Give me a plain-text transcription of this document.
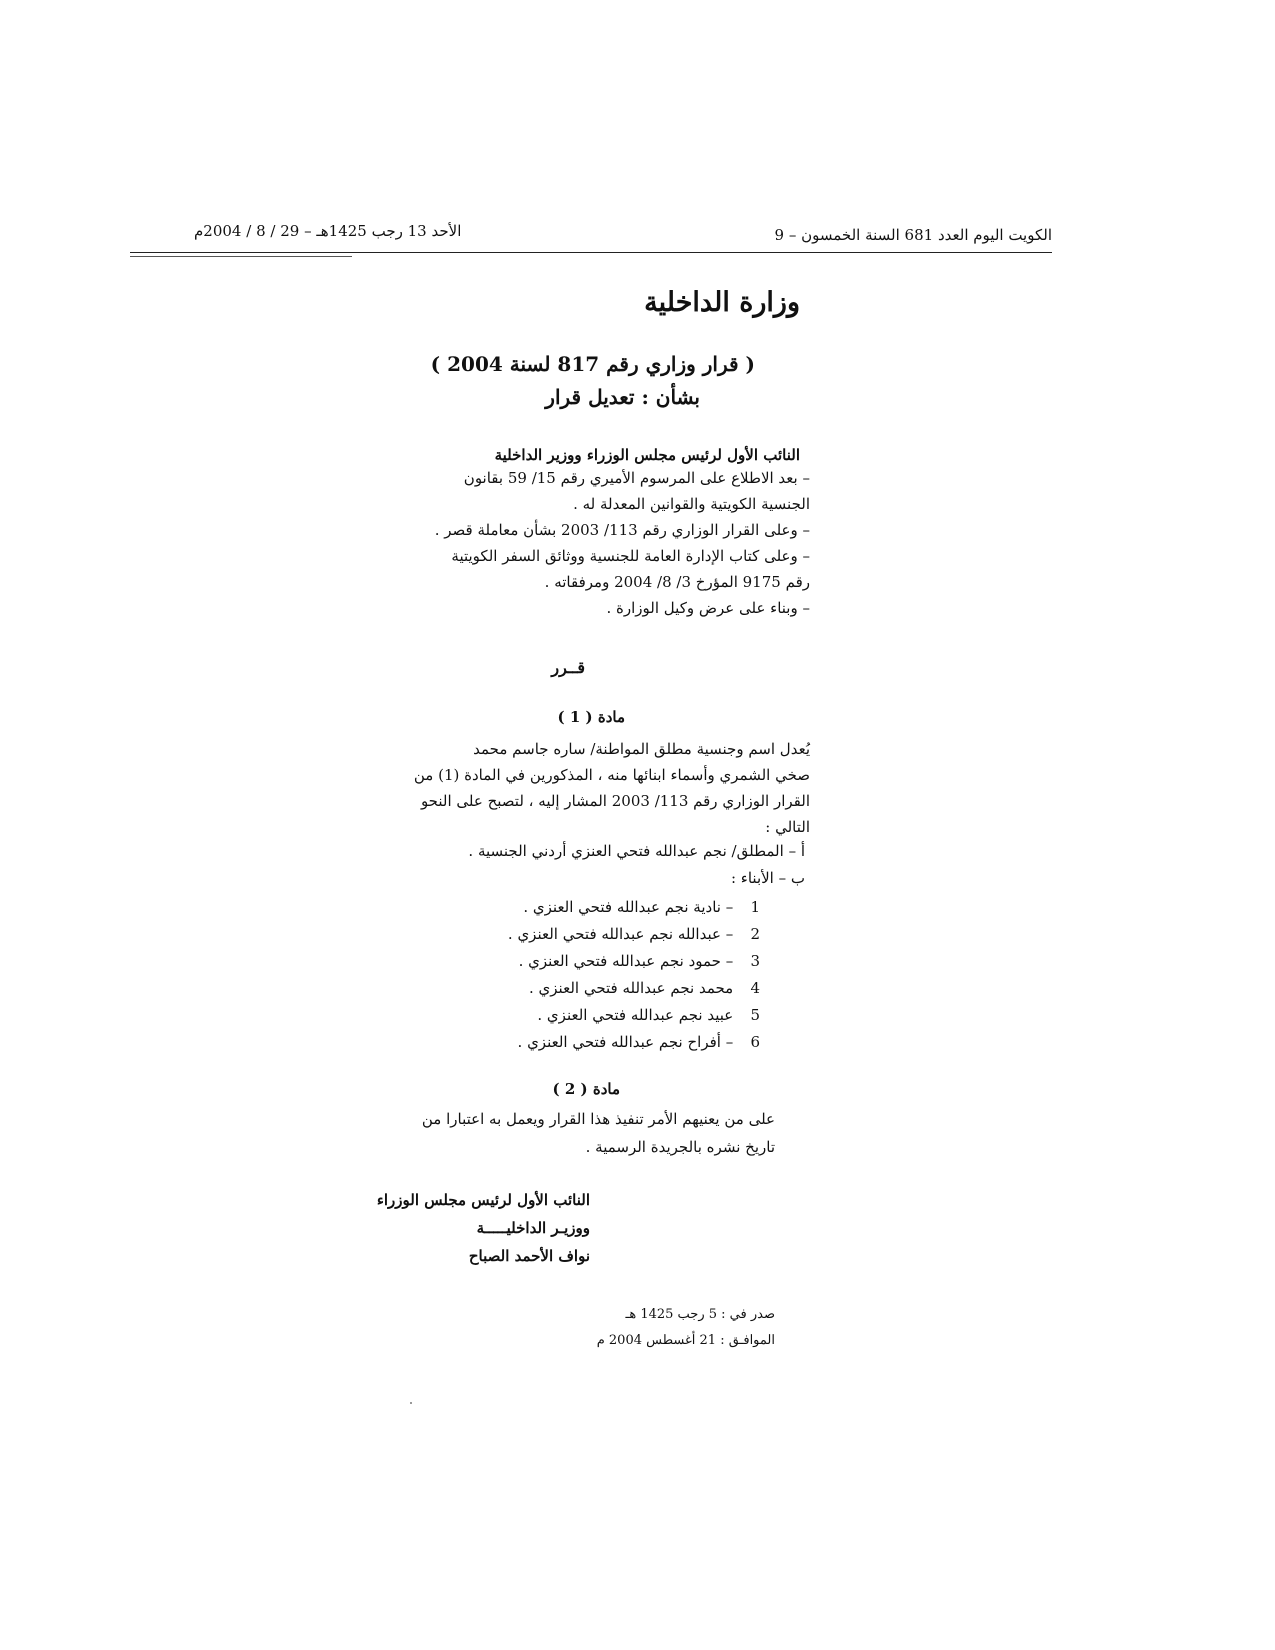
الكويت اليوم العدد 681 السنة الخمسون – 9
الأحد 13 رجب 1425هـ – 29 / 8 / 2004م
وزارة الداخلية
( قرار وزاري رقم 817 لسنة 2004 )
بشأن : تعديل قرار
النائب الأول لرئيس مجلس الوزراء ووزير الداخلية
– بعد الاطلاع على المرسوم الأميري رقم 15/ 59 بقانون
الجنسية الكويتية والقوانين المعدلة له .
– وعلى القرار الوزاري رقم 113/ 2003 بشأن معاملة قصر .
– وعلى كتاب الإدارة العامة للجنسية ووثائق السفر الكويتية
رقم 9175 المؤرخ 3/ 8/ 2004 ومرفقاته .
– وبناء على عرض وكيل الوزارة .
قــرر
مادة ( 1 )
يُعدل اسم وجنسية مطلق المواطنة/ ساره جاسم محمد
صخي الشمري وأسماء ابنائها منه ، المذكورين في المادة (1) من
القرار الوزاري رقم 113/ 2003 المشار إليه ، لتصبح على النحو
التالي :
أ – المطلق/ نجم عبدالله فتحي العنزي أردني الجنسية .
ب – الأبناء :
1 – نادية نجم عبدالله فتحي العنزي .
2 – عبدالله نجم عبدالله فتحي العنزي .
3 – حمود نجم عبدالله فتحي العنزي .
4 محمد نجم عبدالله فتحي العنزي .
5 عبيد نجم عبدالله فتحي العنزي .
6 – أفراح نجم عبدالله فتحي العنزي .
مادة ( 2 )
على من يعنيهم الأمر تنفيذ هذا القرار ويعمل به اعتبارا من
تاريخ نشره بالجريدة الرسمية .
النائب الأول لرئيس مجلس الوزراء
ووزيـر الداخليـــــة
نواف الأحمد الصباح
صدر في : 5 رجب 1425 هـ
الموافـق : 21 أغسطس 2004 م
